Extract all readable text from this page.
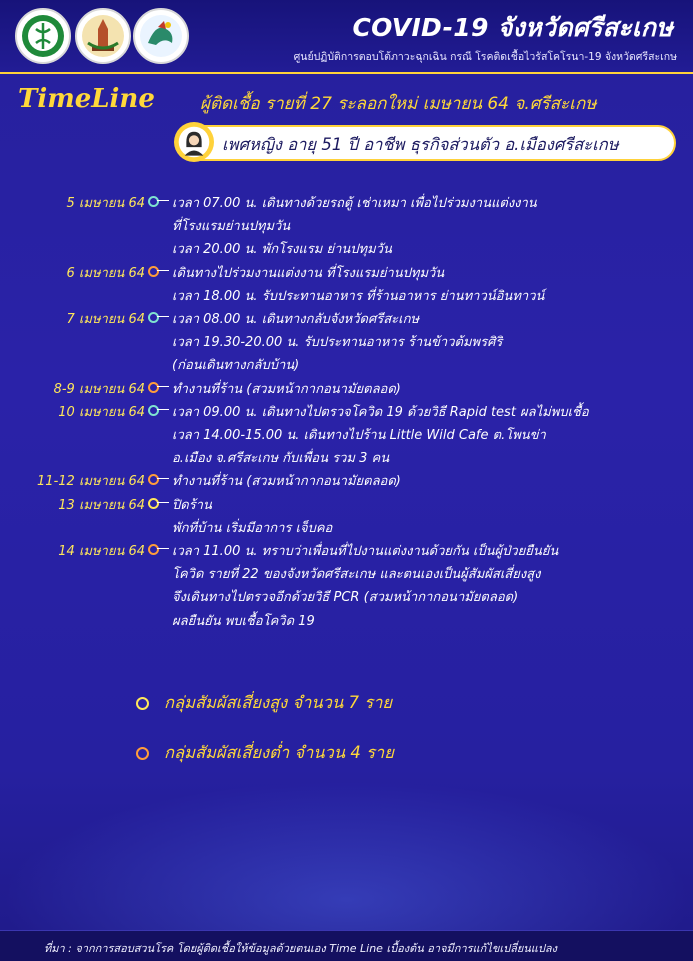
COVID-19 จังหวัดศรีสะเกษ
ศูนย์ปฏิบัติการตอบโต้ภาวะฉุกเฉิน กรณี โรคติดเชื้อไวรัสโคโรนา-19 จังหวัดศรีสะเกษ
TimeLine	ผู้ติดเชื้อ รายที่ 27 ระลอกใหม่ เมษายน 64 จ.ศรีสะเกษ
เพศหญิง อายุ 51 ปี อาชีพ ธุรกิจส่วนตัว อ.เมืองศรีสะเกษ
5 เมษายน 64 เวลา 07.00 น. เดินทางด้วยรถตู้ เช่าเหมา เพื่อไปร่วมงานแต่งงาน
ที่โรงแรมย่านปทุมวัน
เวลา 20.00 น. พักโรงแรม ย่านปทุมวัน
6 เมษายน 64 เดินทางไปร่วมงานแต่งงาน ที่โรงแรมย่านปทุมวัน
เวลา 18.00 น. รับประทานอาหาร ที่ร้านอาหาร ย่านทาวน์อินทาวน์
7 เมษายน 64 เวลา 08.00 น. เดินทางกลับจังหวัดศรีสะเกษ
เวลา 19.30-20.00 น. รับประทานอาหาร ร้านข้าวต้มพรศิริ
(ก่อนเดินทางกลับบ้าน)
8-9 เมษายน 64 ทำงานที่ร้าน (สวมหน้ากากอนามัยตลอด)
10 เมษายน 64 เวลา 09.00 น. เดินทางไปตรวจโควิด 19 ด้วยวิธี Rapid test ผลไม่พบเชื้อ
เวลา 14.00-15.00 น. เดินทางไปร้าน Little Wild Cafe ต.โพนข่า
อ.เมือง จ.ศรีสะเกษ กับเพื่อน รวม 3 คน
11-12 เมษายน 64 ทำงานที่ร้าน (สวมหน้ากากอนามัยตลอด)
13 เมษายน 64 ปิดร้าน
พักที่บ้าน เริ่มมีอาการ เจ็บคอ
14 เมษายน 64 เวลา 11.00 น. ทราบว่าเพื่อนที่ไปงานแต่งงานด้วยกัน เป็นผู้ป่วยยืนยัน
โควิด รายที่ 22 ของจังหวัดศรีสะเกษ และตนเองเป็นผู้สัมผัสเสี่ยงสูง
จึงเดินทางไปตรวจอีกด้วยวิธี PCR (สวมหน้ากากอนามัยตลอด)
ผลยืนยัน พบเชื้อโควิด 19
กลุ่มสัมผัสเสี่ยงสูง จำนวน 7 ราย
กลุ่มสัมผัสเสี่ยงต่ำ จำนวน 4 ราย
ที่มา : จากการสอบสวนโรค โดยผู้ติดเชื้อให้ข้อมูลด้วยตนเอง Time Line เบื้องต้น อาจมีการแก้ไขเปลี่ยนแปลง
